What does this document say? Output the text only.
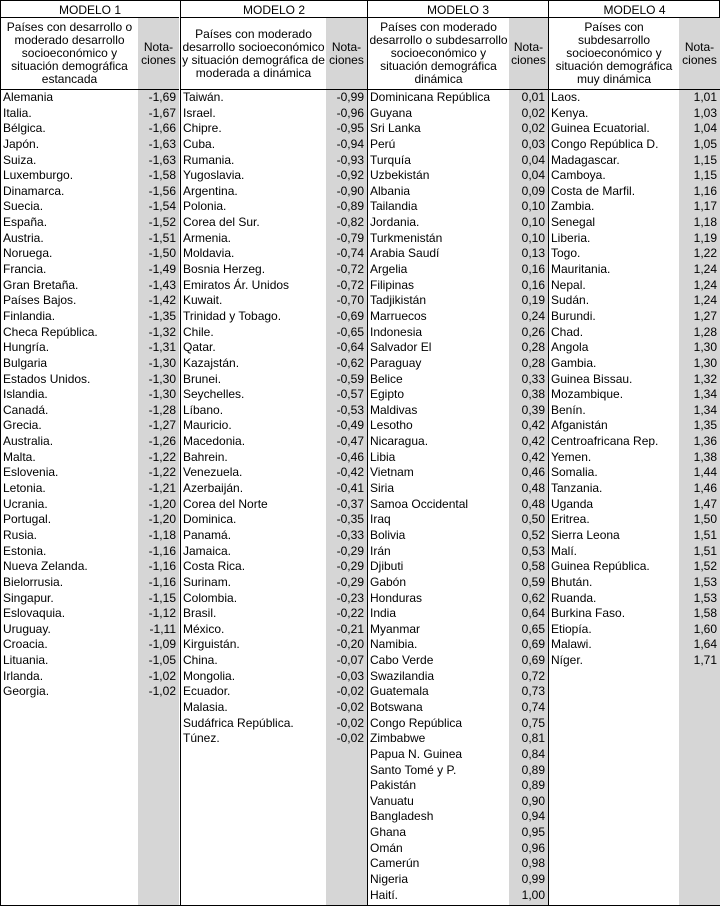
MODELO 1
Países con desarrollo o
moderado desarrollo
socioeconómico y
situación demográfica
estancada
Nota-
ciones
Alemania	-1,69
Italia.	-1,67
Bélgica.	-1,66
Japón.	-1,63
Suiza.	-1,63
Luxemburgo.	-1,58
Dinamarca.	-1,56
Suecia.	-1,54
España.	-1,52
Austria.	-1,51
Noruega.	-1,50
Francia.	-1,49
Gran Bretaña.	-1,43
Países Bajos.	-1,42
Finlandia.	-1,35
Checa República.	-1,32
Hungría.	-1,31
Bulgaria	-1,30
Estados Unidos.	-1,30
Islandia.	-1,30
Canadá.	-1,28
Grecia.	-1,27
Australia.	-1,26
Malta.	-1,22
Eslovenia.	-1,22
Letonia.	-1,21
Ucrania.	-1,20
Portugal.	-1,20
Rusia.	-1,18
Estonia.	-1,16
Nueva Zelanda.	-1,16
Bielorrusia.	-1,16
Singapur.	-1,15
Eslovaquia.	-1,12
Uruguay.	-1,11
Croacia.	-1,09
Lituania.	-1,05
Irlanda.	-1,02
Georgia.	-1,02
MODELO 2
Países con moderado
desarrollo socioeconómico
y situación demográfica de
moderada a dinámica
Nota-
ciones
Taiwán.	-0,99
Israel.	-0,96
Chipre.	-0,95
Cuba.	-0,94
Rumania.	-0,93
Yugoslavia.	-0,92
Argentina.	-0,90
Polonia.	-0,89
Corea del Sur.	-0,82
Armenia.	-0,79
Moldavia.	-0,74
Bosnia Herzeg.	-0,72
Emiratos Ár. Unidos	-0,72
Kuwait.	-0,70
Trinidad y Tobago.	-0,69
Chile.	-0,65
Qatar.	-0,64
Kazajstán.	-0,62
Brunei.	-0,59
Seychelles.	-0,57
Líbano.	-0,53
Mauricio.	-0,49
Macedonia.	-0,47
Bahrein.	-0,46
Venezuela.	-0,42
Azerbaiján.	-0,41
Corea del Norte	-0,37
Dominica.	-0,35
Panamá.	-0,33
Jamaica.	-0,29
Costa Rica.	-0,29
Surinam.	-0,29
Colombia.	-0,23
Brasil.	-0,22
México.	-0,21
Kirguistán.	-0,20
China.	-0,07
Mongolia.	-0,03
Ecuador.	-0,02
Malasia.	-0,02
Sudáfrica República.	-0,02
Túnez.	-0,02
MODELO 3
Países con moderado
desarrollo o subdesarrollo
socioeconómico y
situación demográfica
dinámica
Nota-
ciones
Dominicana República	0,01
Guyana	0,02
Sri Lanka	0,02
Perú	0,03
Turquía	0,04
Uzbekistán	0,04
Albania	0,09
Tailandia	0,10
Jordania.	0,10
Turkmenistán	0,10
Arabia Saudí	0,13
Argelia	0,16
Filipinas	0,16
Tadjikistán	0,19
Marruecos	0,24
Indonesia	0,26
Salvador El	0,28
Paraguay	0,28
Belice	0,33
Egipto	0,38
Maldivas	0,39
Lesotho	0,42
Nicaragua.	0,42
Libia	0,42
Vietnam	0,46
Siria	0,48
Samoa Occidental	0,48
Iraq	0,50
Bolivia	0,52
Irán	0,53
Djibuti	0,58
Gabón	0,59
Honduras	0,62
India	0,64
Myanmar	0,65
Namibia.	0,69
Cabo Verde	0,69
Swazilandia	0,72
Guatemala	0,73
Botswana	0,74
Congo República	0,75
Zimbabwe	0,81
Papua N. Guinea	0,84
Santo Tomé y P.	0,89
Pakistán	0,89
Vanuatu	0,90
Bangladesh	0,94
Ghana	0,95
Omán	0,96
Camerún	0,98
Nigeria	0,99
Haití.	1,00
MODELO 4
Países con
subdesarrollo
socioeconómico y
situación demográfica
muy dinámica
Nota-
ciones
Laos.	1,01
Kenya.	1,03
Guinea Ecuatorial.	1,04
Congo República D.	1,05
Madagascar.	1,15
Camboya.	1,15
Costa de Marfil.	1,16
Zambia.	1,17
Senegal	1,18
Liberia.	1,19
Togo.	1,22
Mauritania.	1,24
Nepal.	1,24
Sudán.	1,24
Burundi.	1,27
Chad.	1,28
Angola	1,30
Gambia.	1,30
Guinea Bissau.	1,32
Mozambique.	1,34
Benín.	1,34
Afganistán	1,35
Centroafricana Rep.	1,36
Yemen.	1,38
Somalia.	1,44
Tanzania.	1,46
Uganda	1,47
Eritrea.	1,50
Sierra Leona	1,51
Malí.	1,51
Guinea República.	1,52
Bhután.	1,53
Ruanda.	1,53
Burkina Faso.	1,58
Etiopía.	1,60
Malawi.	1,64
Níger.	1,71
